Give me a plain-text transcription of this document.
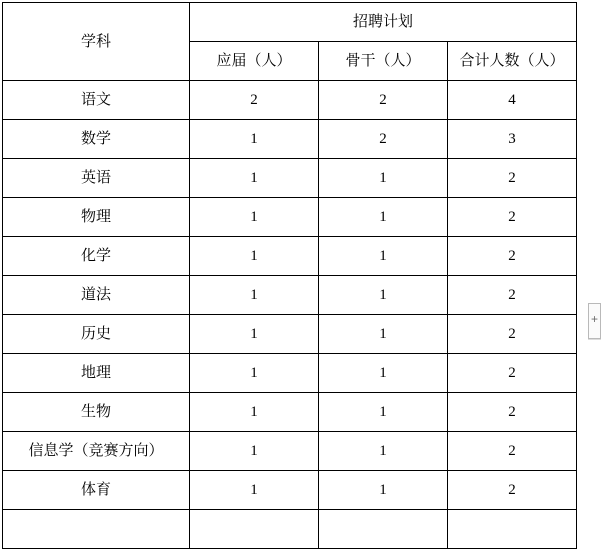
学科	招聘计划		
	应届（人）	骨干（人）	合计人数（人）
语文	2	2	4
数学	1	2	3
英语	1	1	2
物理	1	1	2
化学	1	1	2
道法	1	1	2
历史	1	1	2
地理	1	1	2
生物	1	1	2
信息学（竞赛方向）	1	1	2
体育	1	1	2

+
